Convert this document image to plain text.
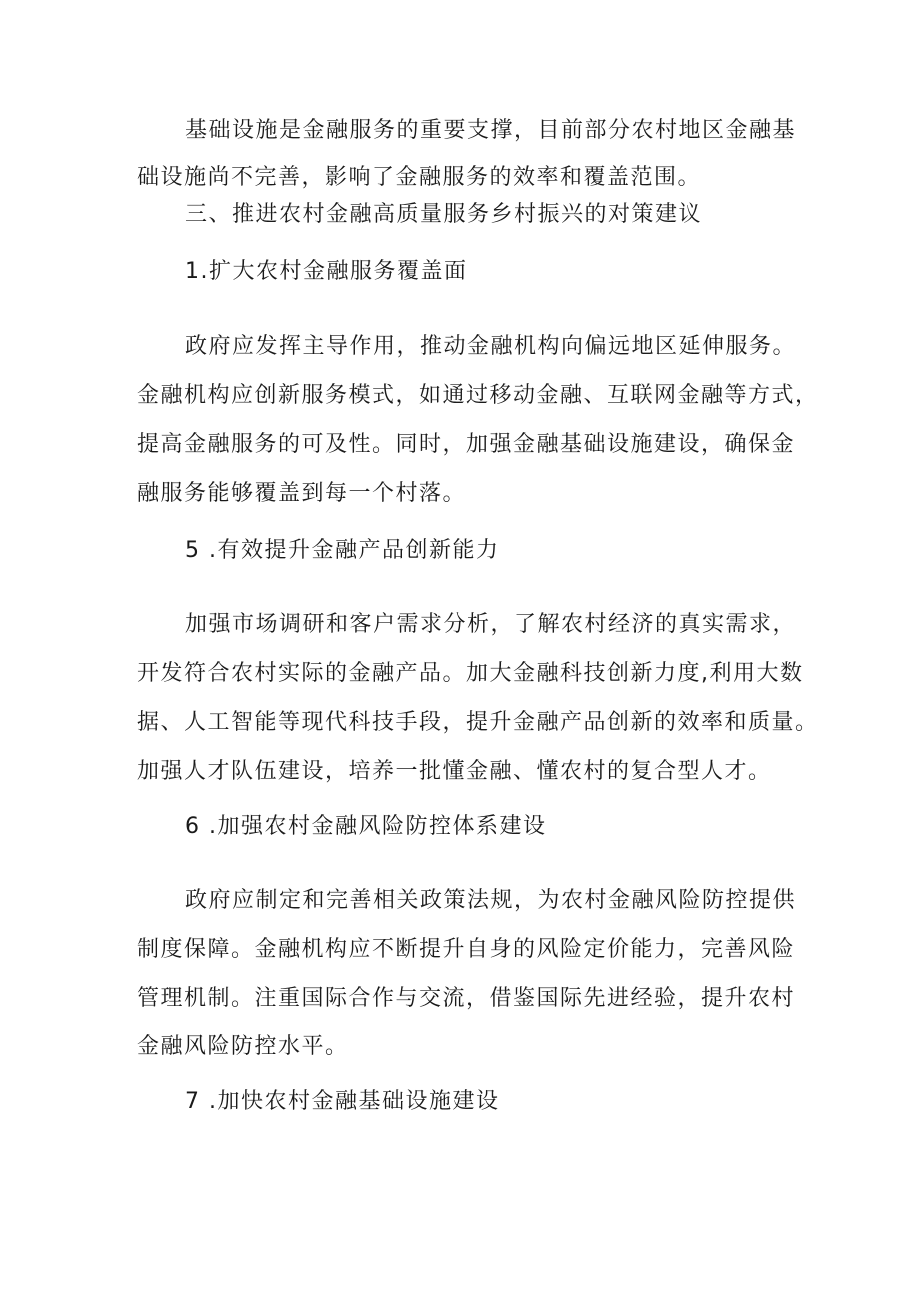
基础设施是金融服务的重要支撑，目前部分农村地区金融基
础设施尚不完善，影响了金融服务的效率和覆盖范围。
三、推进农村金融高质量服务乡村振兴的对策建议
1.扩大农村金融服务覆盖面
政府应发挥主导作用，推动金融机构向偏远地区延伸服务。
金融机构应创新服务模式，如通过移动金融、互联网金融等方式，
提高金融服务的可及性。同时，加强金融基础设施建设，确保金
融服务能够覆盖到每一个村落。
5 .有效提升金融产品创新能力
加强市场调研和客户需求分析，了解农村经济的真实需求，
开发符合农村实际的金融产品。加大金融科技创新力度,利用大数
据、人工智能等现代科技手段，提升金融产品创新的效率和质量。
加强人才队伍建设，培养一批懂金融、懂农村的复合型人才。
6 .加强农村金融风险防控体系建设
政府应制定和完善相关政策法规，为农村金融风险防控提供
制度保障。金融机构应不断提升自身的风险定价能力，完善风险
管理机制。注重国际合作与交流，借鉴国际先进经验，提升农村
金融风险防控水平。
7 .加快农村金融基础设施建设
